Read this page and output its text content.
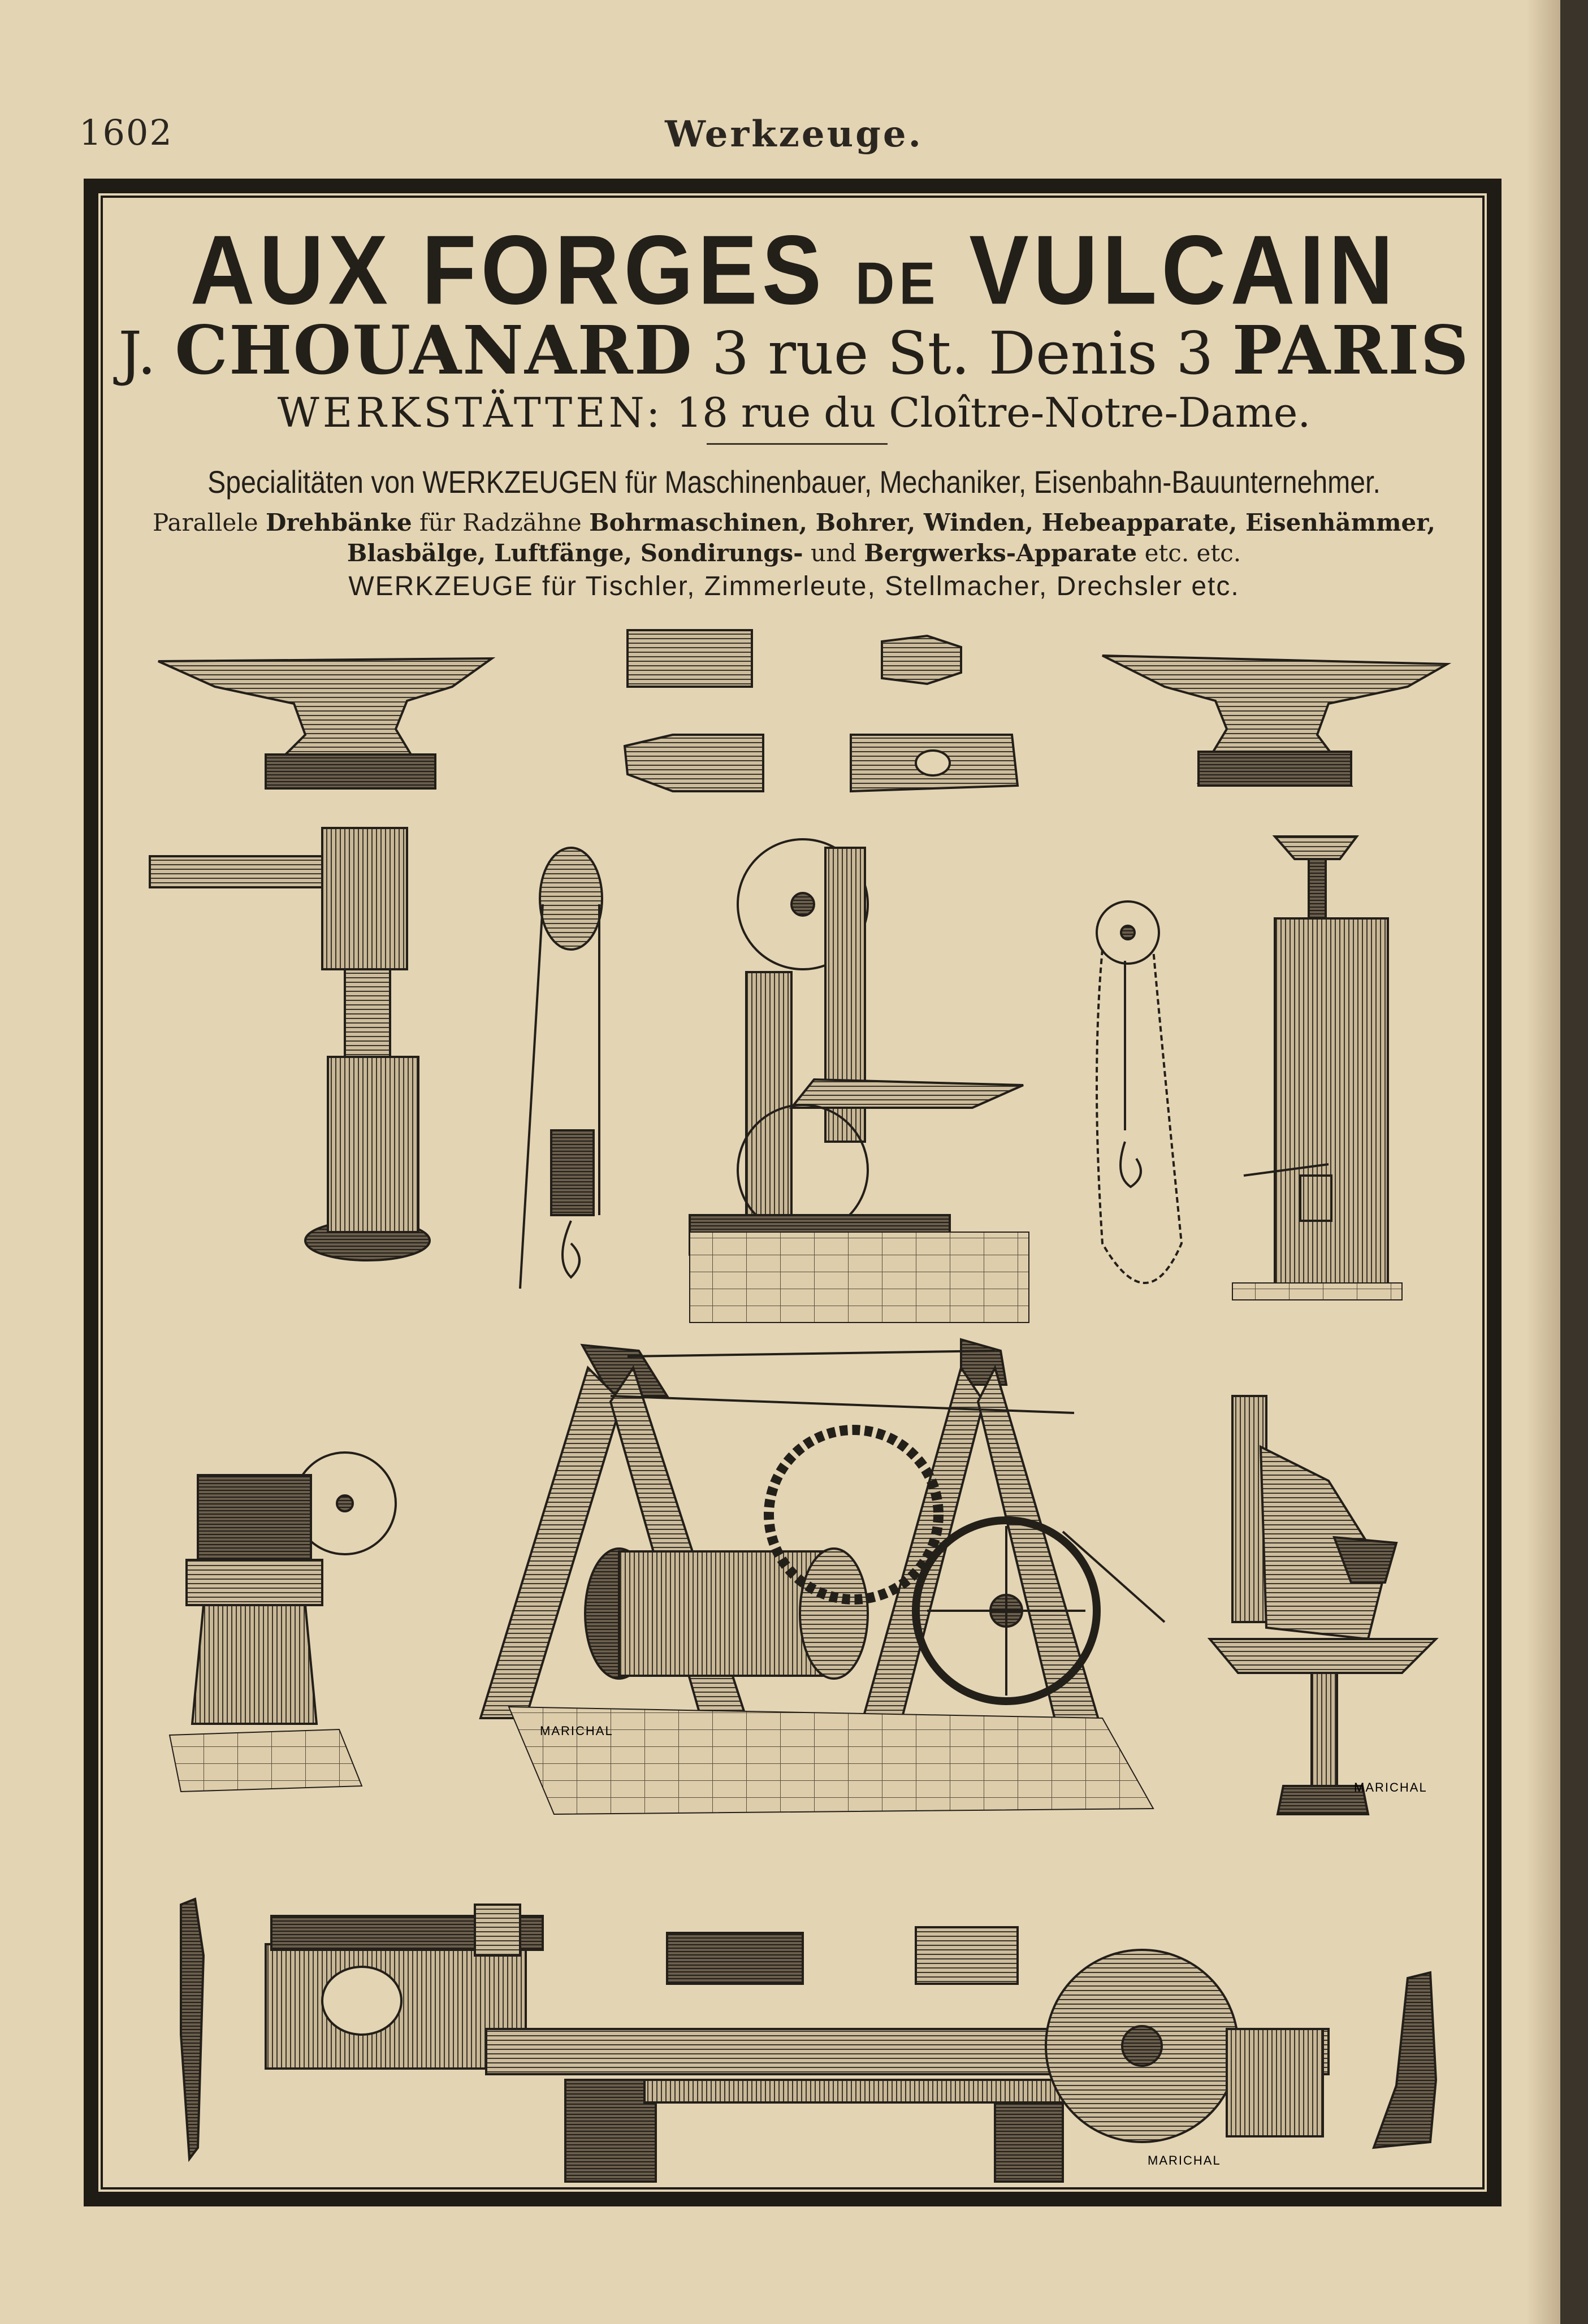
1602	Werkzeuge.
AUX FORGES DE VULCAIN
J. CHOUANARD 3 rue St. Denis 3 PARIS
WERKSTÄTTEN: 18 rue du Cloître-Notre-Dame.
Specialitäten von WERKZEUGEN für Maschinenbauer, Mechaniker, Eisenbahn-Bauunternehmer.
Parallele Drehbänke für Radzähne Bohrmaschinen, Bohrer, Winden, Hebeapparate, Eisenhämmer,
Blasbälge, Luftfänge, Sondirungs- und Bergwerks-Apparate etc. etc.
WERKZEUGE für Tischler, Zimmerleute, Stellmacher, Drechsler etc.
MARICHAL
MARICHAL
MARICHAL
